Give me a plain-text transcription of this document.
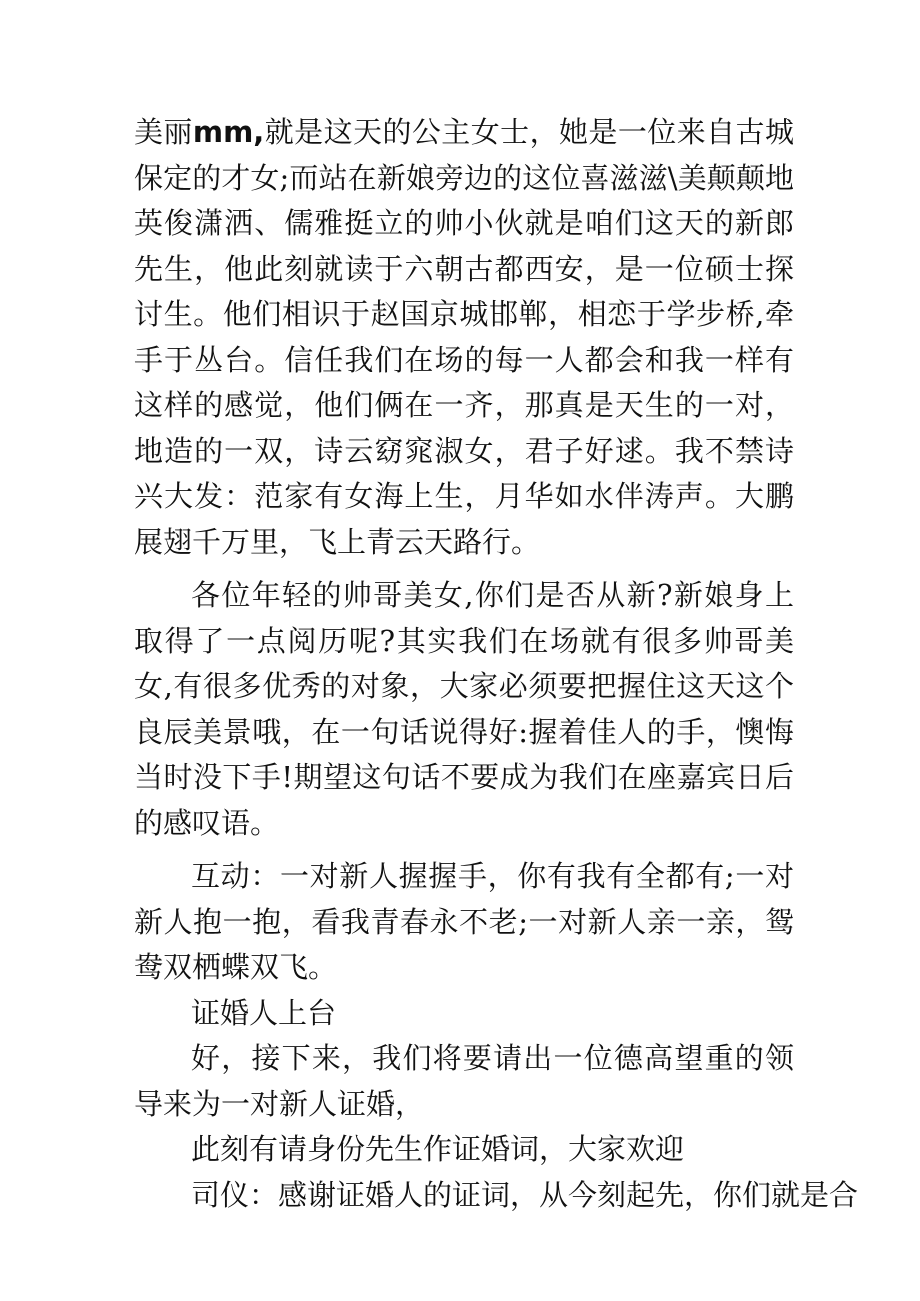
美丽mm,就是这天的公主女士，她是一位来自古城保定的才女;而站在新娘旁边的这位喜滋滋\美颠颠地英俊潇洒、儒雅挺立的帅小伙就是咱们这天的新郎先生，他此刻就读于六朝古都西安，是一位硕士探讨生。他们相识于赵国京城邯郸，相恋于学步桥,牵手于丛台。信任我们在场的每一人都会和我一样有这样的感觉，他们俩在一齐，那真是天生的一对，地造的一双，诗云窈窕淑女，君子好逑。我不禁诗兴大发：范家有女海上生，月华如水伴涛声。大鹏展翅千万里，飞上青云天路行。

各位年轻的帅哥美女,你们是否从新?新娘身上取得了一点阅历呢?其实我们在场就有很多帅哥美女,有很多优秀的对象，大家必须要把握住这天这个良辰美景哦，在一句话说得好:握着佳人的手，懊悔当时没下手!期望这句话不要成为我们在座嘉宾日后的感叹语。

互动：一对新人握握手，你有我有全都有;一对新人抱一抱，看我青春永不老;一对新人亲一亲，鸳鸯双栖蝶双飞。

证婚人上台

好，接下来，我们将要请出一位德高望重的领导来为一对新人证婚，

此刻有请身份先生作证婚词，大家欢迎

司仪：感谢证婚人的证词，从今刻起先，你们就是合
